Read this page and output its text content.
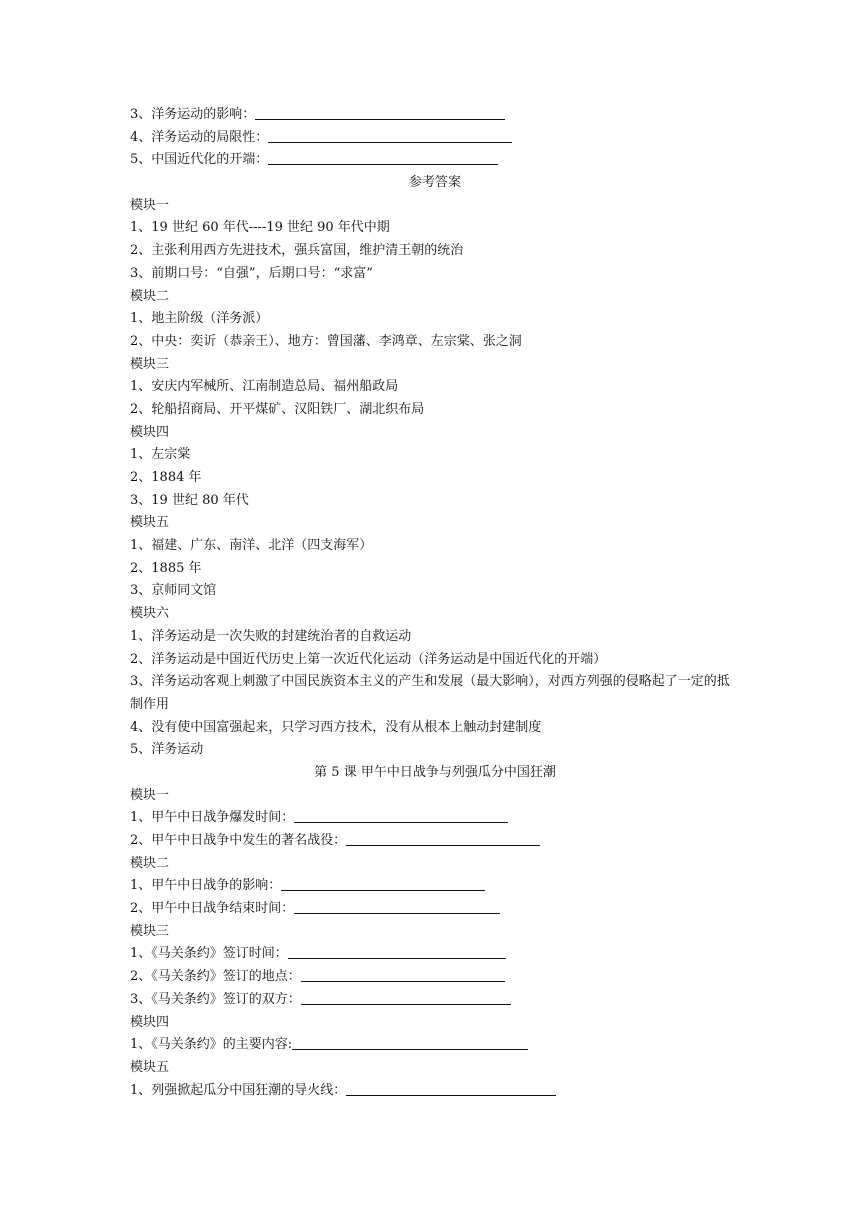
3、洋务运动的影响：
4、洋务运动的局限性：
5、中国近代化的开端：
参考答案
模块一
1、19 世纪 60 年代----19 世纪 90 年代中期
2、主张利用西方先进技术，强兵富国，维护清王朝的统治
3、前期口号：“自强”，后期口号：“求富”
模块二
1、地主阶级（洋务派）
2、中央：奕䜣（恭亲王）、地方：曾国藩、李鸿章、左宗棠、张之洞
模块三
1、安庆内军械所、江南制造总局、福州船政局
2、轮船招商局、开平煤矿、汉阳铁厂、湖北织布局
模块四
1、左宗棠
2、1884 年
3、19 世纪 80 年代
模块五
1、福建、广东、南洋、北洋（四支海军）
2、1885 年
3、京师同文馆
模块六
1、洋务运动是一次失败的封建统治者的自救运动
2、洋务运动是中国近代历史上第一次近代化运动（洋务运动是中国近代化的开端）
3、洋务运动客观上刺激了中国民族资本主义的产生和发展（最大影响），对西方列强的侵略起了一定的抵制作用
4、没有使中国富强起来，只学习西方技术，没有从根本上触动封建制度
5、洋务运动
第 5 课 甲午中日战争与列强瓜分中国狂潮
模块一
1、甲午中日战争爆发时间：
2、甲午中日战争中发生的著名战役：
模块二
1、甲午中日战争的影响：
2、甲午中日战争结束时间：
模块三
1、《马关条约》签订时间：
2、《马关条约》签订的地点：
3、《马关条约》签订的双方：
模块四
1、《马关条约》的主要内容:
模块五
1、列强掀起瓜分中国狂潮的导火线：
